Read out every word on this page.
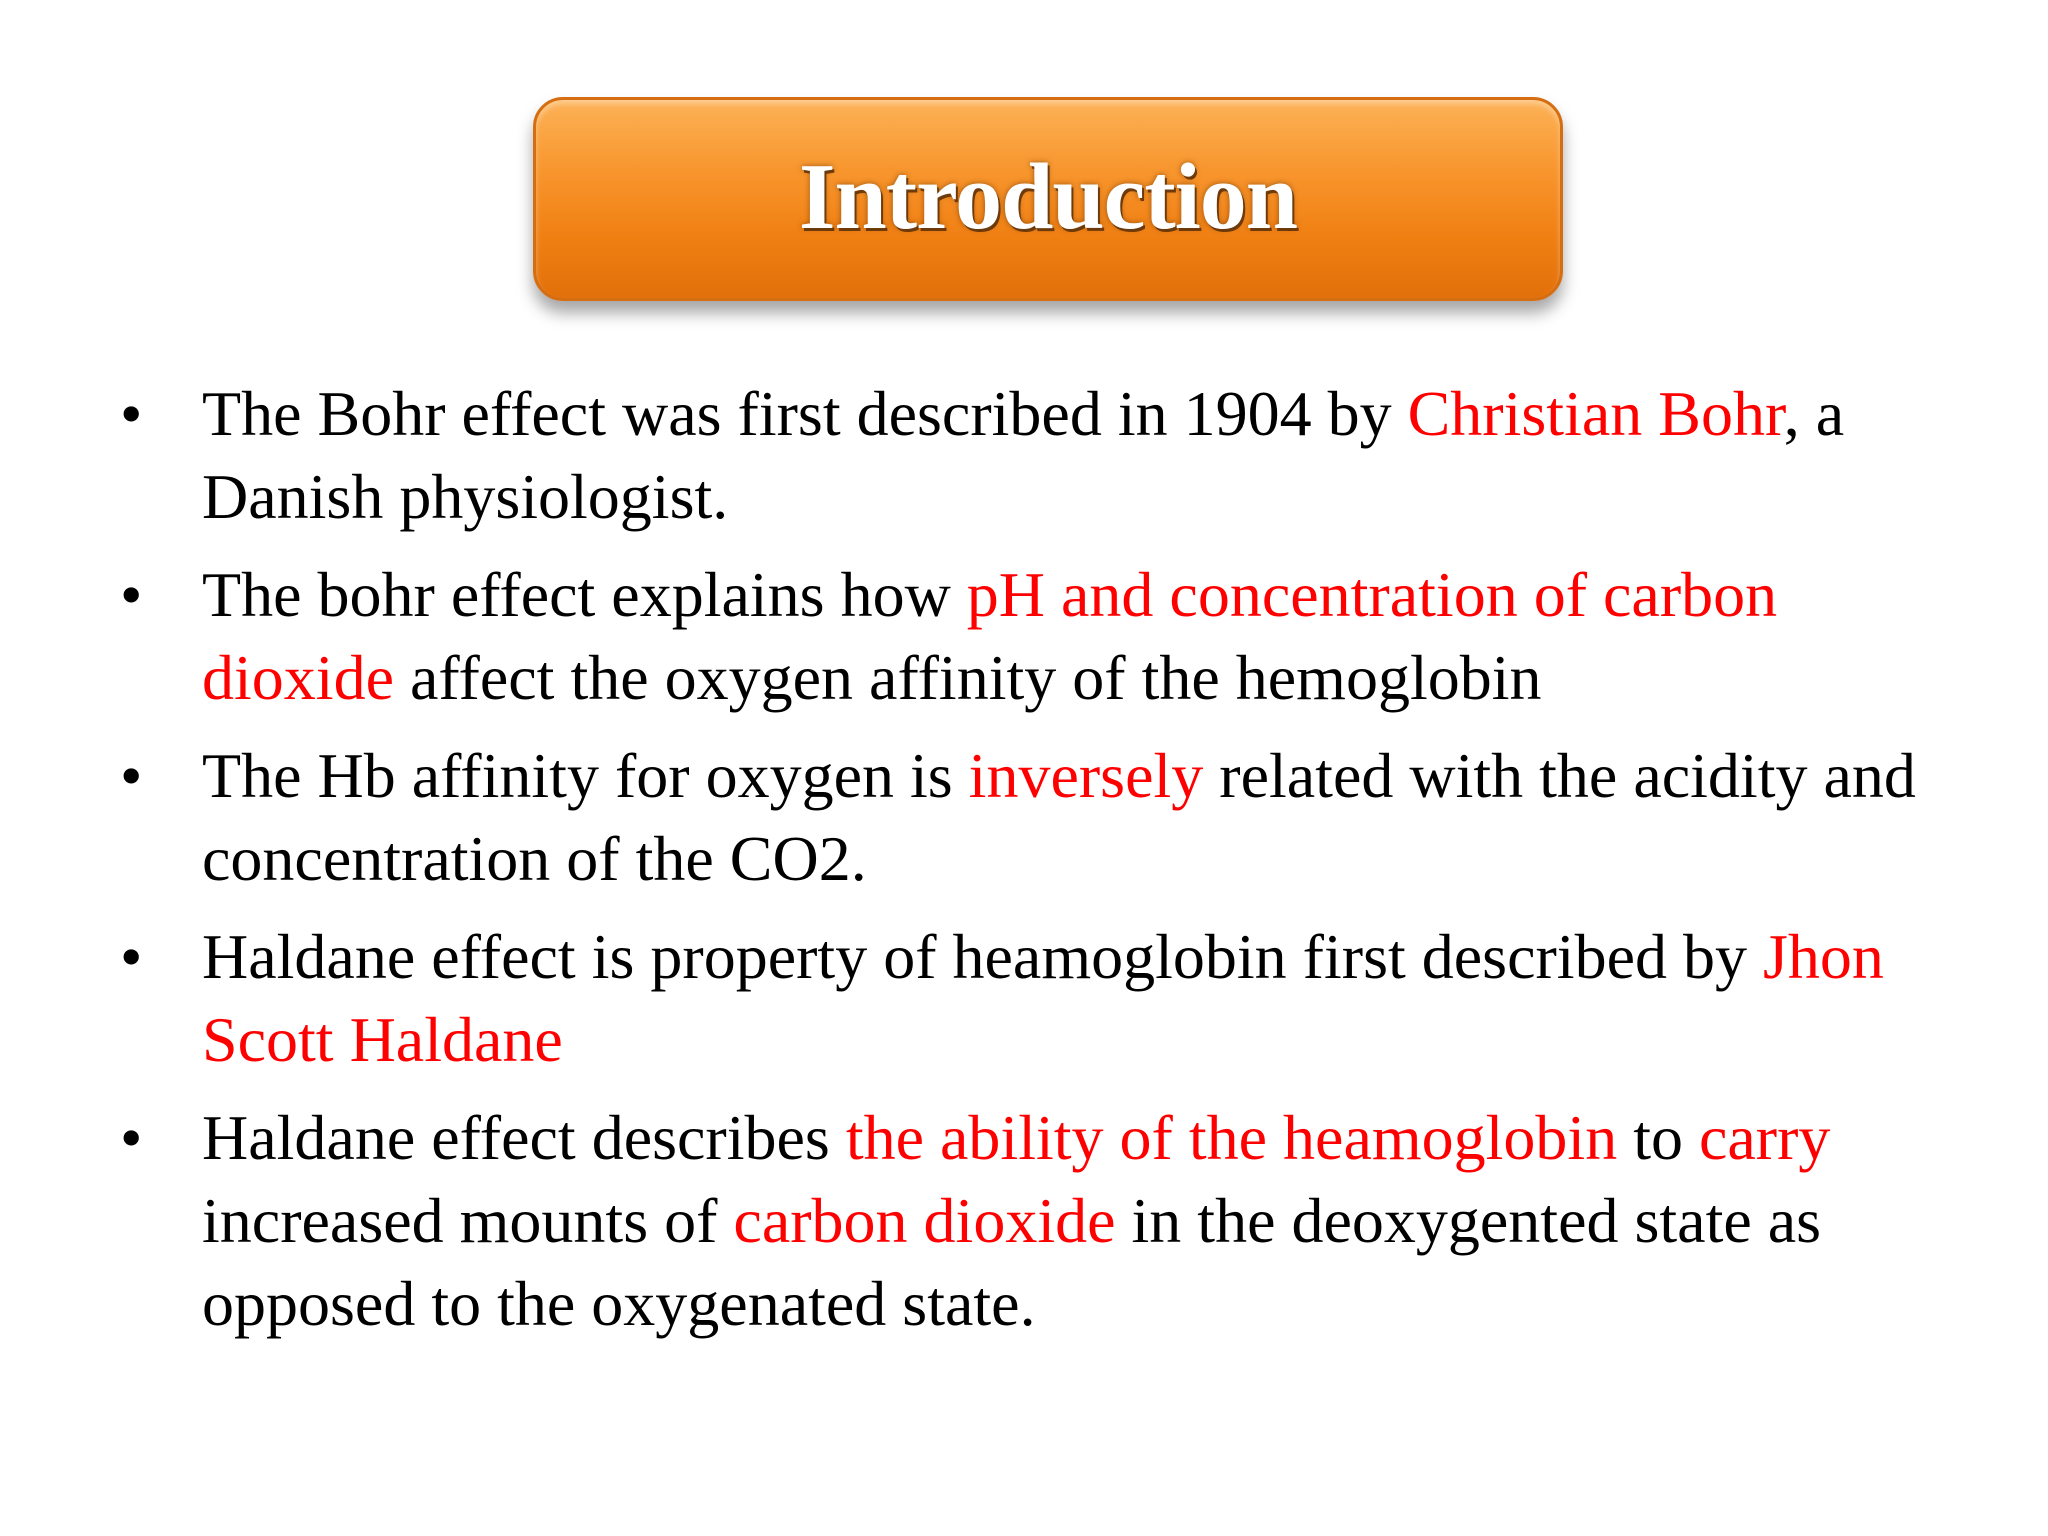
Introduction
• The Bohr effect was first described in 1904 by Christian Bohr, a Danish physiologist.
• The bohr effect explains how pH and concentration of carbon dioxide affect the oxygen affinity of the hemoglobin
• The Hb affinity for oxygen is inversely related with the acidity and concentration of the CO2.
• Haldane effect is property of heamoglobin first described by Jhon Scott Haldane
• Haldane effect describes the ability of the heamoglobin to carry increased mounts of carbon dioxide in the deoxygented state as opposed to the oxygenated state.
